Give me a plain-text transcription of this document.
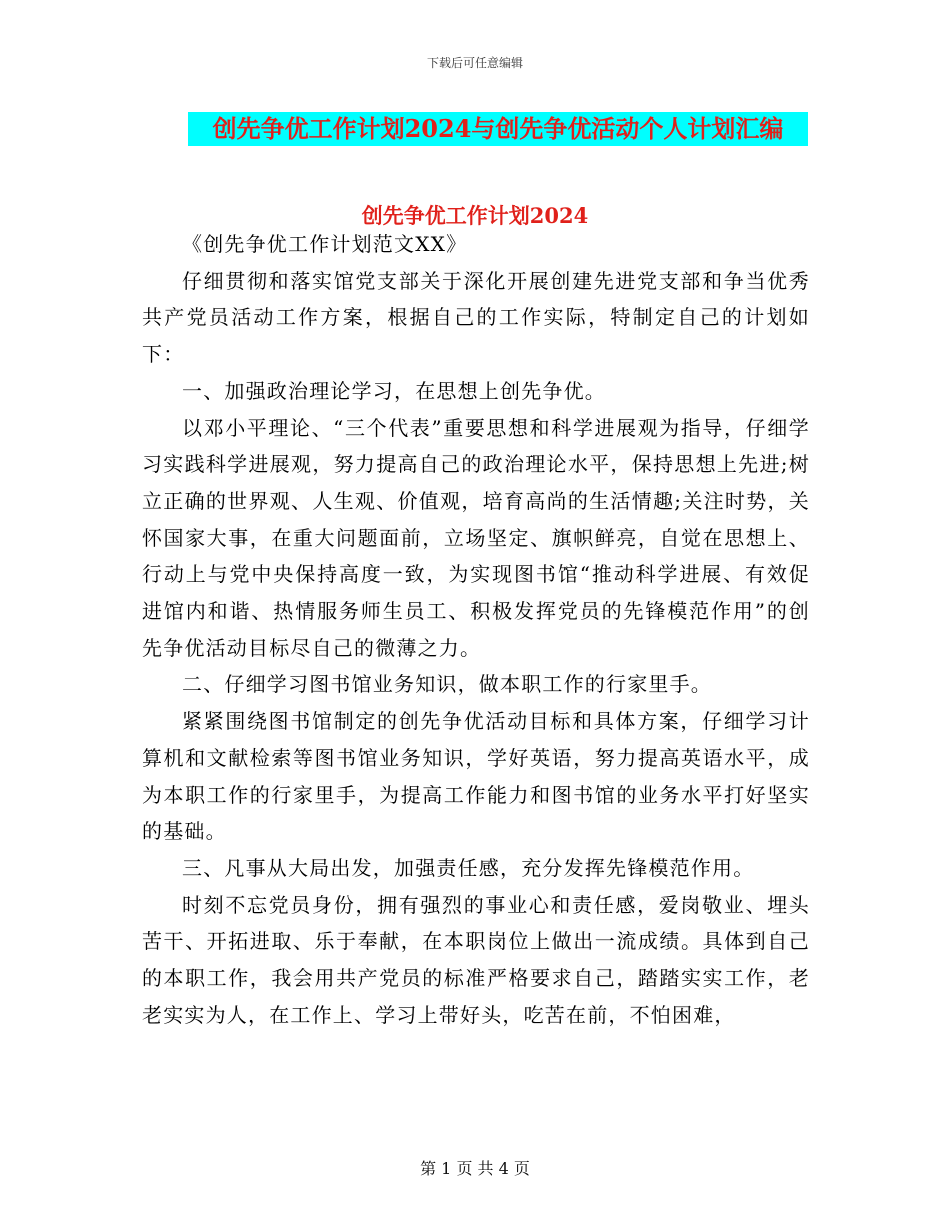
下载后可任意编辑
创先争优工作计划2024与创先争优活动个人计划汇编
创先争优工作计划2024

《创先争优工作计划范文XX》

仔细贯彻和落实馆党支部关于深化开展创建先进党支部和争当优秀共产党员活动工作方案，根据自己的工作实际，特制定自己的计划如下：

一、加强政治理论学习，在思想上创先争优。

以邓小平理论、“三个代表”重要思想和科学进展观为指导，仔细学习实践科学进展观，努力提高自己的政治理论水平，保持思想上先进;树立正确的世界观、人生观、价值观，培育高尚的生活情趣;关注时势，关怀国家大事，在重大问题面前，立场坚定、旗帜鲜亮，自觉在思想上、行动上与党中央保持高度一致，为实现图书馆“推动科学进展、有效促进馆内和谐、热情服务师生员工、积极发挥党员的先锋模范作用”的创先争优活动目标尽自己的微薄之力。

二、仔细学习图书馆业务知识，做本职工作的行家里手。

紧紧围绕图书馆制定的创先争优活动目标和具体方案，仔细学习计算机和文献检索等图书馆业务知识，学好英语，努力提高英语水平，成为本职工作的行家里手，为提高工作能力和图书馆的业务水平打好坚实的基础。

三、凡事从大局出发，加强责任感，充分发挥先锋模范作用。

时刻不忘党员身份，拥有强烈的事业心和责任感，爱岗敬业、埋头苦干、开拓进取、乐于奉献，在本职岗位上做出一流成绩。具体到自己的本职工作，我会用共产党员的标准严格要求自己，踏踏实实工作，老老实实为人，在工作上、学习上带好头，吃苦在前，不怕困难，

第 1 页 共 4 页
